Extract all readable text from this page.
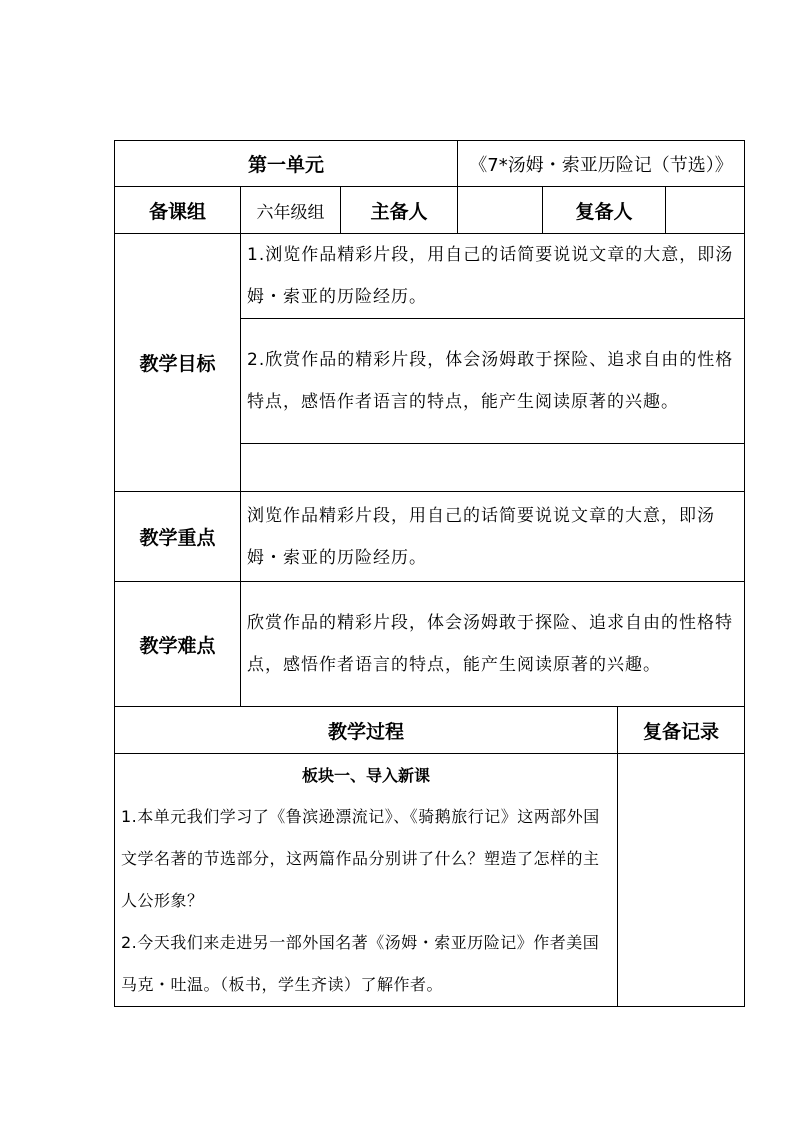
第一单元			《7*汤姆・索亚历险记（节选）》			
备课组	六年级组	主备人		复备人		
教学目标	1.浏览作品精彩片段，用自己的话简要说说文章的大意，即汤姆・索亚的历险经历。					
	2.欣赏作品的精彩片段，体会汤姆敢于探险、追求自由的性格特点，感悟作者语言的特点，能产生阅读原著的兴趣。					

教学重点	浏览作品精彩片段，用自己的话简要说说文章的大意，即汤姆・索亚的历险经历。					
教学难点	欣赏作品的精彩片段，体会汤姆敢于探险、追求自由的性格特点，感悟作者语言的特点，能产生阅读原著的兴趣。					
教学过程					复备记录	

板块一、导入新课
1.本单元我们学习了《鲁滨逊漂流记》、《骑鹅旅行记》这两部外国文学名著的节选部分，这两篇作品分别讲了什么？塑造了怎样的主人公形象？
2.今天我们来走进另一部外国名著《汤姆・索亚历险记》作者美国马克・吐温。（板书，学生齐读）了解作者。						
